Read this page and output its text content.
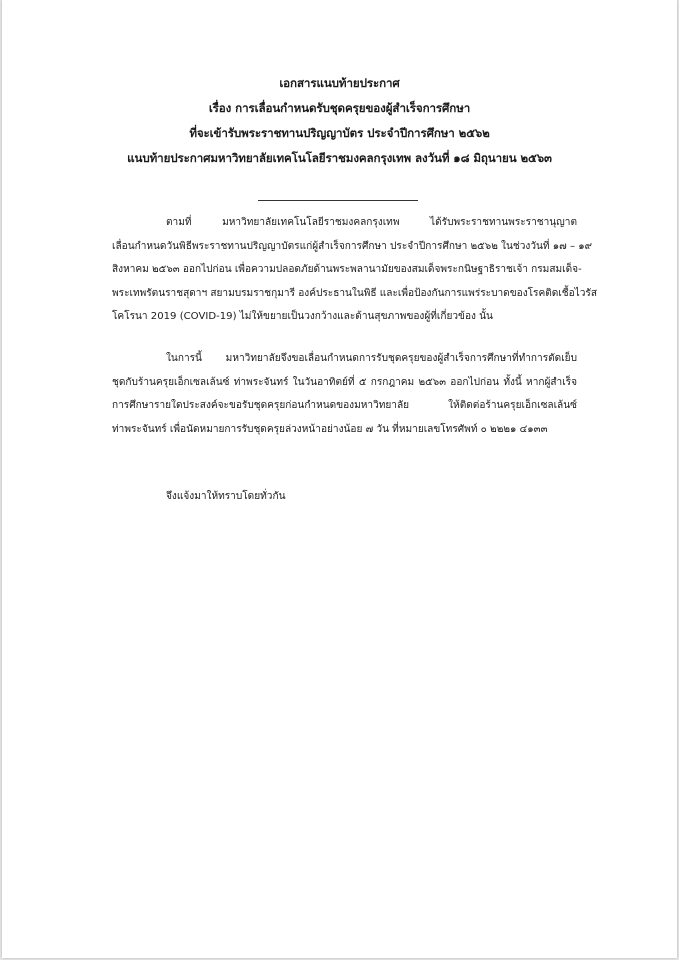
เอกสารแนบท้ายประกาศ
เรื่อง การเลื่อนกำหนดรับชุดครุยของผู้สำเร็จการศึกษา
ที่จะเข้ารับพระราชทานปริญญาบัตร ประจำปีการศึกษา ๒๕๖๒
แนบท้ายประกาศมหาวิทยาลัยเทคโนโลยีราชมงคลกรุงเทพ ลงวันที่ ๑๘ มิถุนายน ๒๕๖๓
ตามที่ มหาวิทยาลัยเทคโนโลยีราชมงคลกรุงเทพ ได้รับพระราชทานพระราชานุญาต
เลื่อนกำหนดวันพิธีพระราชทานปริญญาบัตรแก่ผู้สำเร็จการศึกษา ประจำปีการศึกษา ๒๕๖๒ ในช่วงวันที่ ๑๗ – ๑๙
สิงหาคม ๒๕๖๓ ออกไปก่อน เพื่อความปลอดภัยด้านพระพลานามัยของสมเด็จพระกนิษฐาธิราชเจ้า กรมสมเด็จ-
พระเทพรัตนราชสุดาฯ สยามบรมราชกุมารี องค์ประธานในพิธี และเพื่อป้องกันการแพร่ระบาดของโรคติดเชื้อไวรัส
โคโรนา 2019 (COVID-19) ไม่ให้ขยายเป็นวงกว้างและด้านสุขภาพของผู้ที่เกี่ยวข้อง นั้น
ในการนี้ มหาวิทยาลัยจึงขอเลื่อนกำหนดการรับชุดครุยของผู้สำเร็จการศึกษาที่ทำการตัดเย็บ
ชุดกับร้านครุยเอ็กเซลเล้นซ์ ท่าพระจันทร์ ในวันอาทิตย์ที่ ๕ กรกฎาคม ๒๕๖๓ ออกไปก่อน ทั้งนี้ หากผู้สำเร็จ
การศึกษารายใดประสงค์จะขอรับชุดครุยก่อนกำหนดของมหาวิทยาลัย ให้ติดต่อร้านครุยเอ็กเซลเล้นซ์
ท่าพระจันทร์ เพื่อนัดหมายการรับชุดครุยล่วงหน้าอย่างน้อย ๗ วัน ที่หมายเลขโทรศัพท์ ๐ ๒๒๒๑ ๔๑๓๓
จึงแจ้งมาให้ทราบโดยทั่วกัน
